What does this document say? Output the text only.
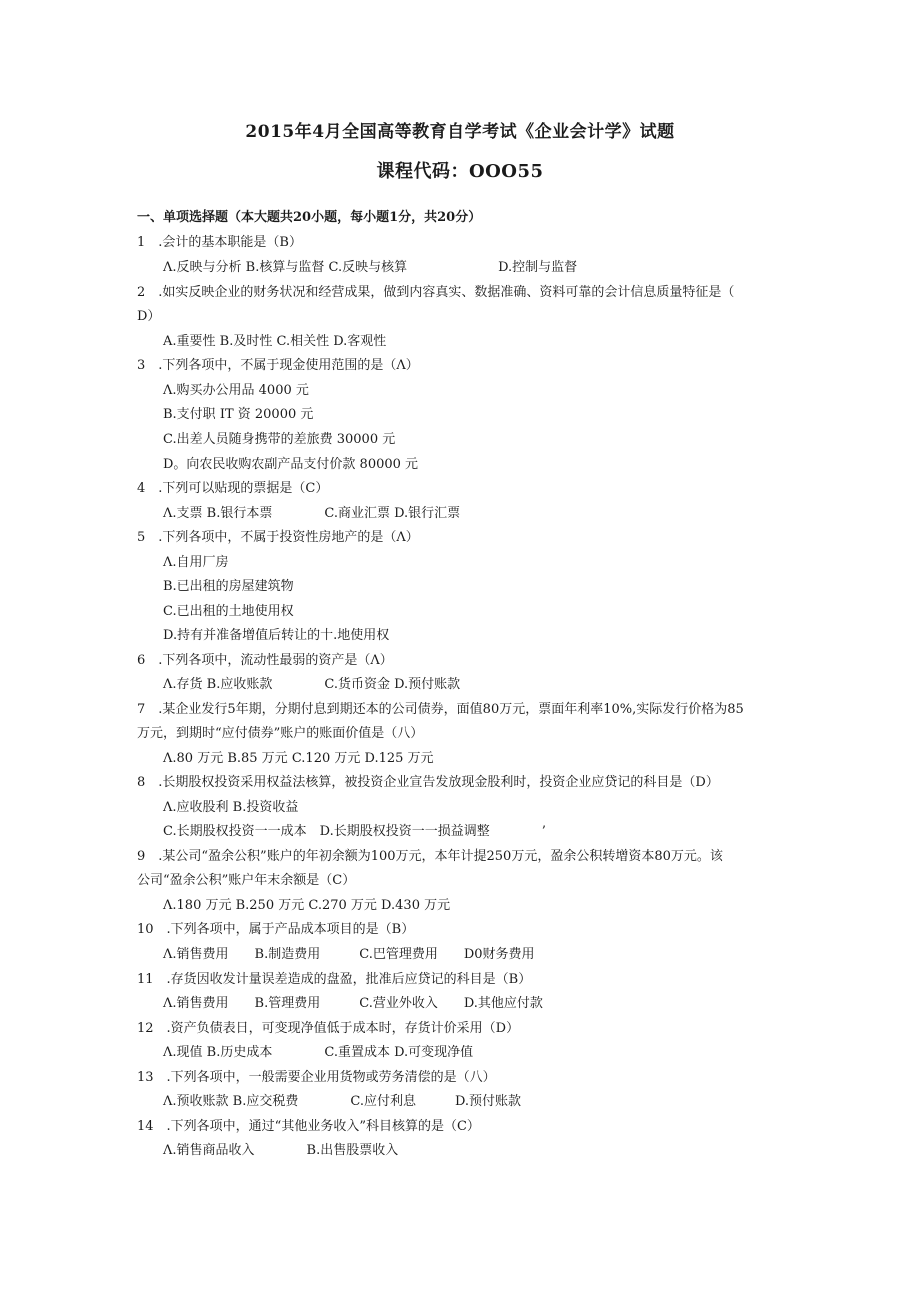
2015年4月全国高等教育自学考试《企业会计学》试题
课程代码：OOO55
一、单项选择题（本大题共20小题，每小题1分，共20分）
1　.会计的基本职能是（B）
Λ.反映与分析 B.核算与监督 C.反映与核算　　　　　　　D.控制与监督
2　.如实反映企业的财务状况和经营成果，做到内容真实、数据准确、资料可靠的会计信息质量特征是（
D）
A.重要性 B.及时性 C.相关性 D.客观性
3　.下列各项中，不属于现金使用范围的是（Λ）
Λ.购买办公用品 4000 元
B.支付职 IT 资 20000 元
C.出差人员随身携带的差旅费 30000 元
D。向农民收购农副产品支付价款 80000 元
4　.下列可以贴现的票据是（C）
Λ.支票 B.银行本票　　　　C.商业汇票 D.银行汇票
5　.下列各项中，不属于投资性房地产的是（Λ）
Λ.自用厂房
B.已出租的房屋建筑物
C.已出租的土地使用权
D.持有并准备增值后转让的十.地使用权
6　.下列各项中，流动性最弱的资产是（Λ）
Λ.存货 B.应收账款　　　　C.货币资金 D.预付账款
7　.某企业发行5年期，分期付息到期还本的公司债券，面值80万元，票面年利率10%,实际发行价格为85
万元，到期时“应付债券”账户的账面价值是（八）
Λ.80 万元 B.85 万元 C.120 万元 D.125 万元
8　.长期股权投资采用权益法核算，被投资企业宣告发放现金股利时，投资企业应贷记的科目是（D）
Λ.应收股利 B.投资收益
C.长期股权投资一一成本　D.长期股权投资一一损益调整　　　　’
9　.某公司“盈余公积”账户的年初余额为100万元，本年计提250万元，盈余公积转增资本80万元。该
公司“盈余公积”账户年末余额是（C）
Λ.180 万元 B.250 万元 C.270 万元 D.430 万元
10　.下列各项中，属于产品成本项目的是（B）
Λ.销售费用　　B.制造费用　　　C.巴管理费用　　D0财务费用
11　.存货因收发计量误差造成的盘盈，批准后应贷记的科目是（B）
Λ.销售费用　　B.管理费用　　　C.营业外收入　　D.其他应付款
12　.资产负债表日，可变现净值低于成本时，存货计价采用（D）
Λ.现值 B.历史成本　　　　C.重置成本 D.可变现净值
13　.下列各项中，一般需要企业用货物或劳务清偿的是（八）
Λ.预收账款 B.应交税费　　　　C.应付利息　　　D.预付账款
14　.下列各项中，通过“其他业务收入”科目核算的是（C）
Λ.销售商品收入　　　　B.出售股票收入
